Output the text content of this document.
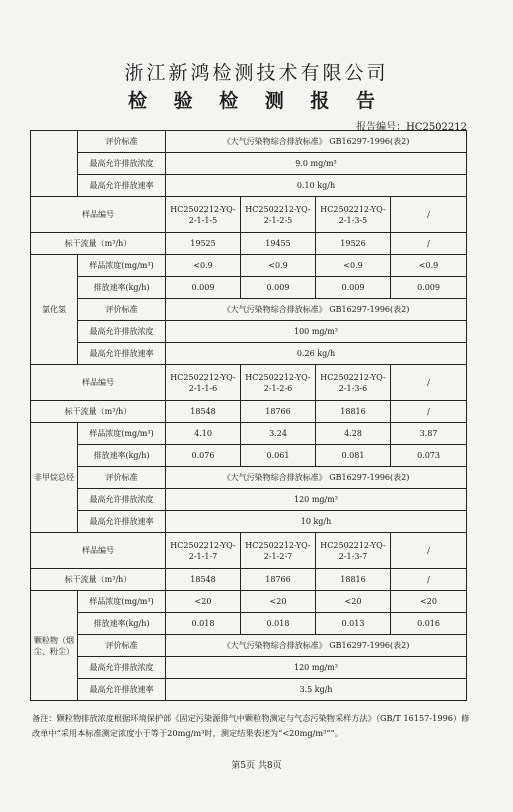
浙江新鸿检测技术有限公司
检 验 检 测 报 告
报告编号：HC2502212
	评价标准	《大气污染物综合排放标准》 GB16297-1996(表2)			
	最高允许排放浓度	9.0 mg/m³			
	最高允许排放速率	0.10 kg/h			
样品编号		HC2502212-YQ-2-1-1-5	HC2502212-YQ-2-1-2-5	HC2502212-YQ-2-1-3-5	/
标干流量（m³/h）		19525	19455	19526	/
氯化氢	样品浓度(mg/m³)	<0.9	<0.9	<0.9	<0.9
	排放速率(kg/h)	0.009	0.009	0.009	0.009
	评价标准	《大气污染物综合排放标准》 GB16297-1996(表2)			
	最高允许排放浓度	100 mg/m³			
	最高允许排放速率	0.26 kg/h			
样品编号		HC2502212-YQ-2-1-1-6	HC2502212-YQ-2-1-2-6	HC2502212-YQ-2-1-3-6	/
标干流量（m³/h）		18548	18766	18816	/
非甲烷总烃	样品浓度(mg/m³)	4.10	3.24	4.28	3.87
	排放速率(kg/h)	0.076	0.061	0.081	0.073
	评价标准	《大气污染物综合排放标准》 GB16297-1996(表2)			
	最高允许排放浓度	120 mg/m³			
	最高允许排放速率	10 kg/h			
样品编号		HC2502212-YQ-2-1-1-7	HC2502212-YQ-2-1-2-7	HC2502212-YQ-2-1-3-7	/
标干流量（m³/h）		18548	18766	18816	/
颗粒物（烟尘、粉尘）	样品浓度(mg/m³)	<20	<20	<20	<20
	排放速率(kg/h)	0.018	0.018	0.013	0.016
	评价标准	《大气污染物综合排放标准》 GB16297-1996(表2)			
	最高允许排放浓度	120 mg/m³			
	最高允许排放速率	3.5 kg/h			
备注：颗粒物排放浓度根据环境保护部《固定污染源排气中颗粒物测定与气态污染物采样方法》（GB/T 16157-1996）修改单中“采用本标准测定浓度小于等于20mg/m³时，测定结果表述为“<20mg/m³””。
第5页 共8页
